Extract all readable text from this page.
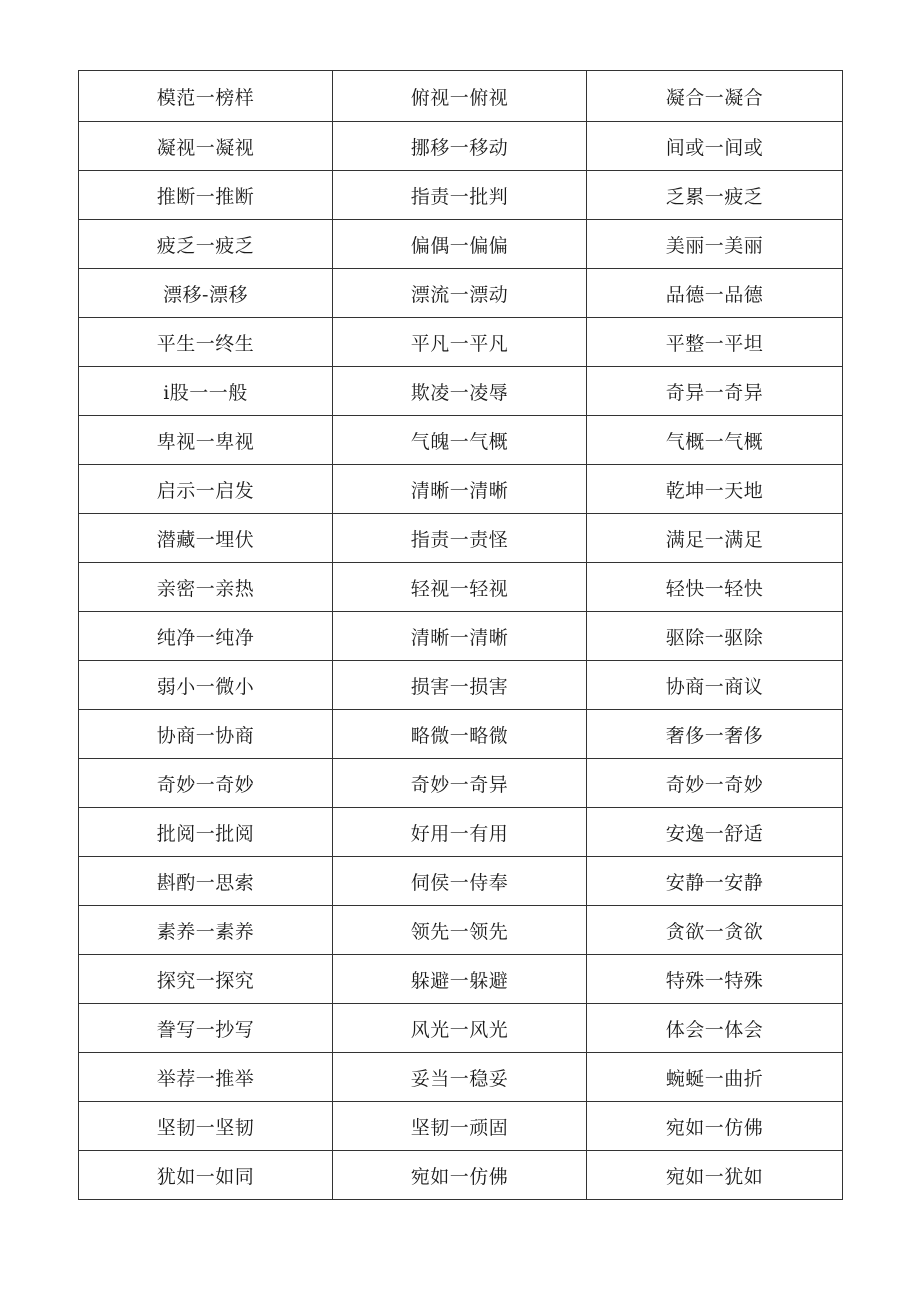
模范一榜样	俯视一俯视	凝合一凝合
凝视一凝视	挪移一移动	间或一间或
推断一推断	指责一批判	乏累一疲乏
疲乏一疲乏	偏偶一偏偏	美丽一美丽
漂移-漂移	漂流一漂动	品德一品德
平生一终生	平凡一平凡	平整一平坦
i股一一般	欺凌一凌辱	奇异一奇异
卑视一卑视	气魄一气概	气概一气概
启示一启发	清晰一清晰	乾坤一天地
潜藏一埋伏	指责一责怪	满足一满足
亲密一亲热	轻视一轻视	轻快一轻快
纯净一纯净	清晰一清晰	驱除一驱除
弱小一微小	损害一损害	协商一商议
协商一协商	略微一略微	奢侈一奢侈
奇妙一奇妙	奇妙一奇异	奇妙一奇妙
批阅一批阅	好用一有用	安逸一舒适
斟酌一思索	伺侯一侍奉	安静一安静
素养一素养	领先一领先	贪欲一贪欲
探究一探究	躲避一躲避	特殊一特殊
誊写一抄写	风光一风光	体会一体会
举荐一推举	妥当一稳妥	蜿蜒一曲折
坚韧一坚韧	坚韧一顽固	宛如一仿佛
犹如一如同	宛如一仿佛	宛如一犹如
